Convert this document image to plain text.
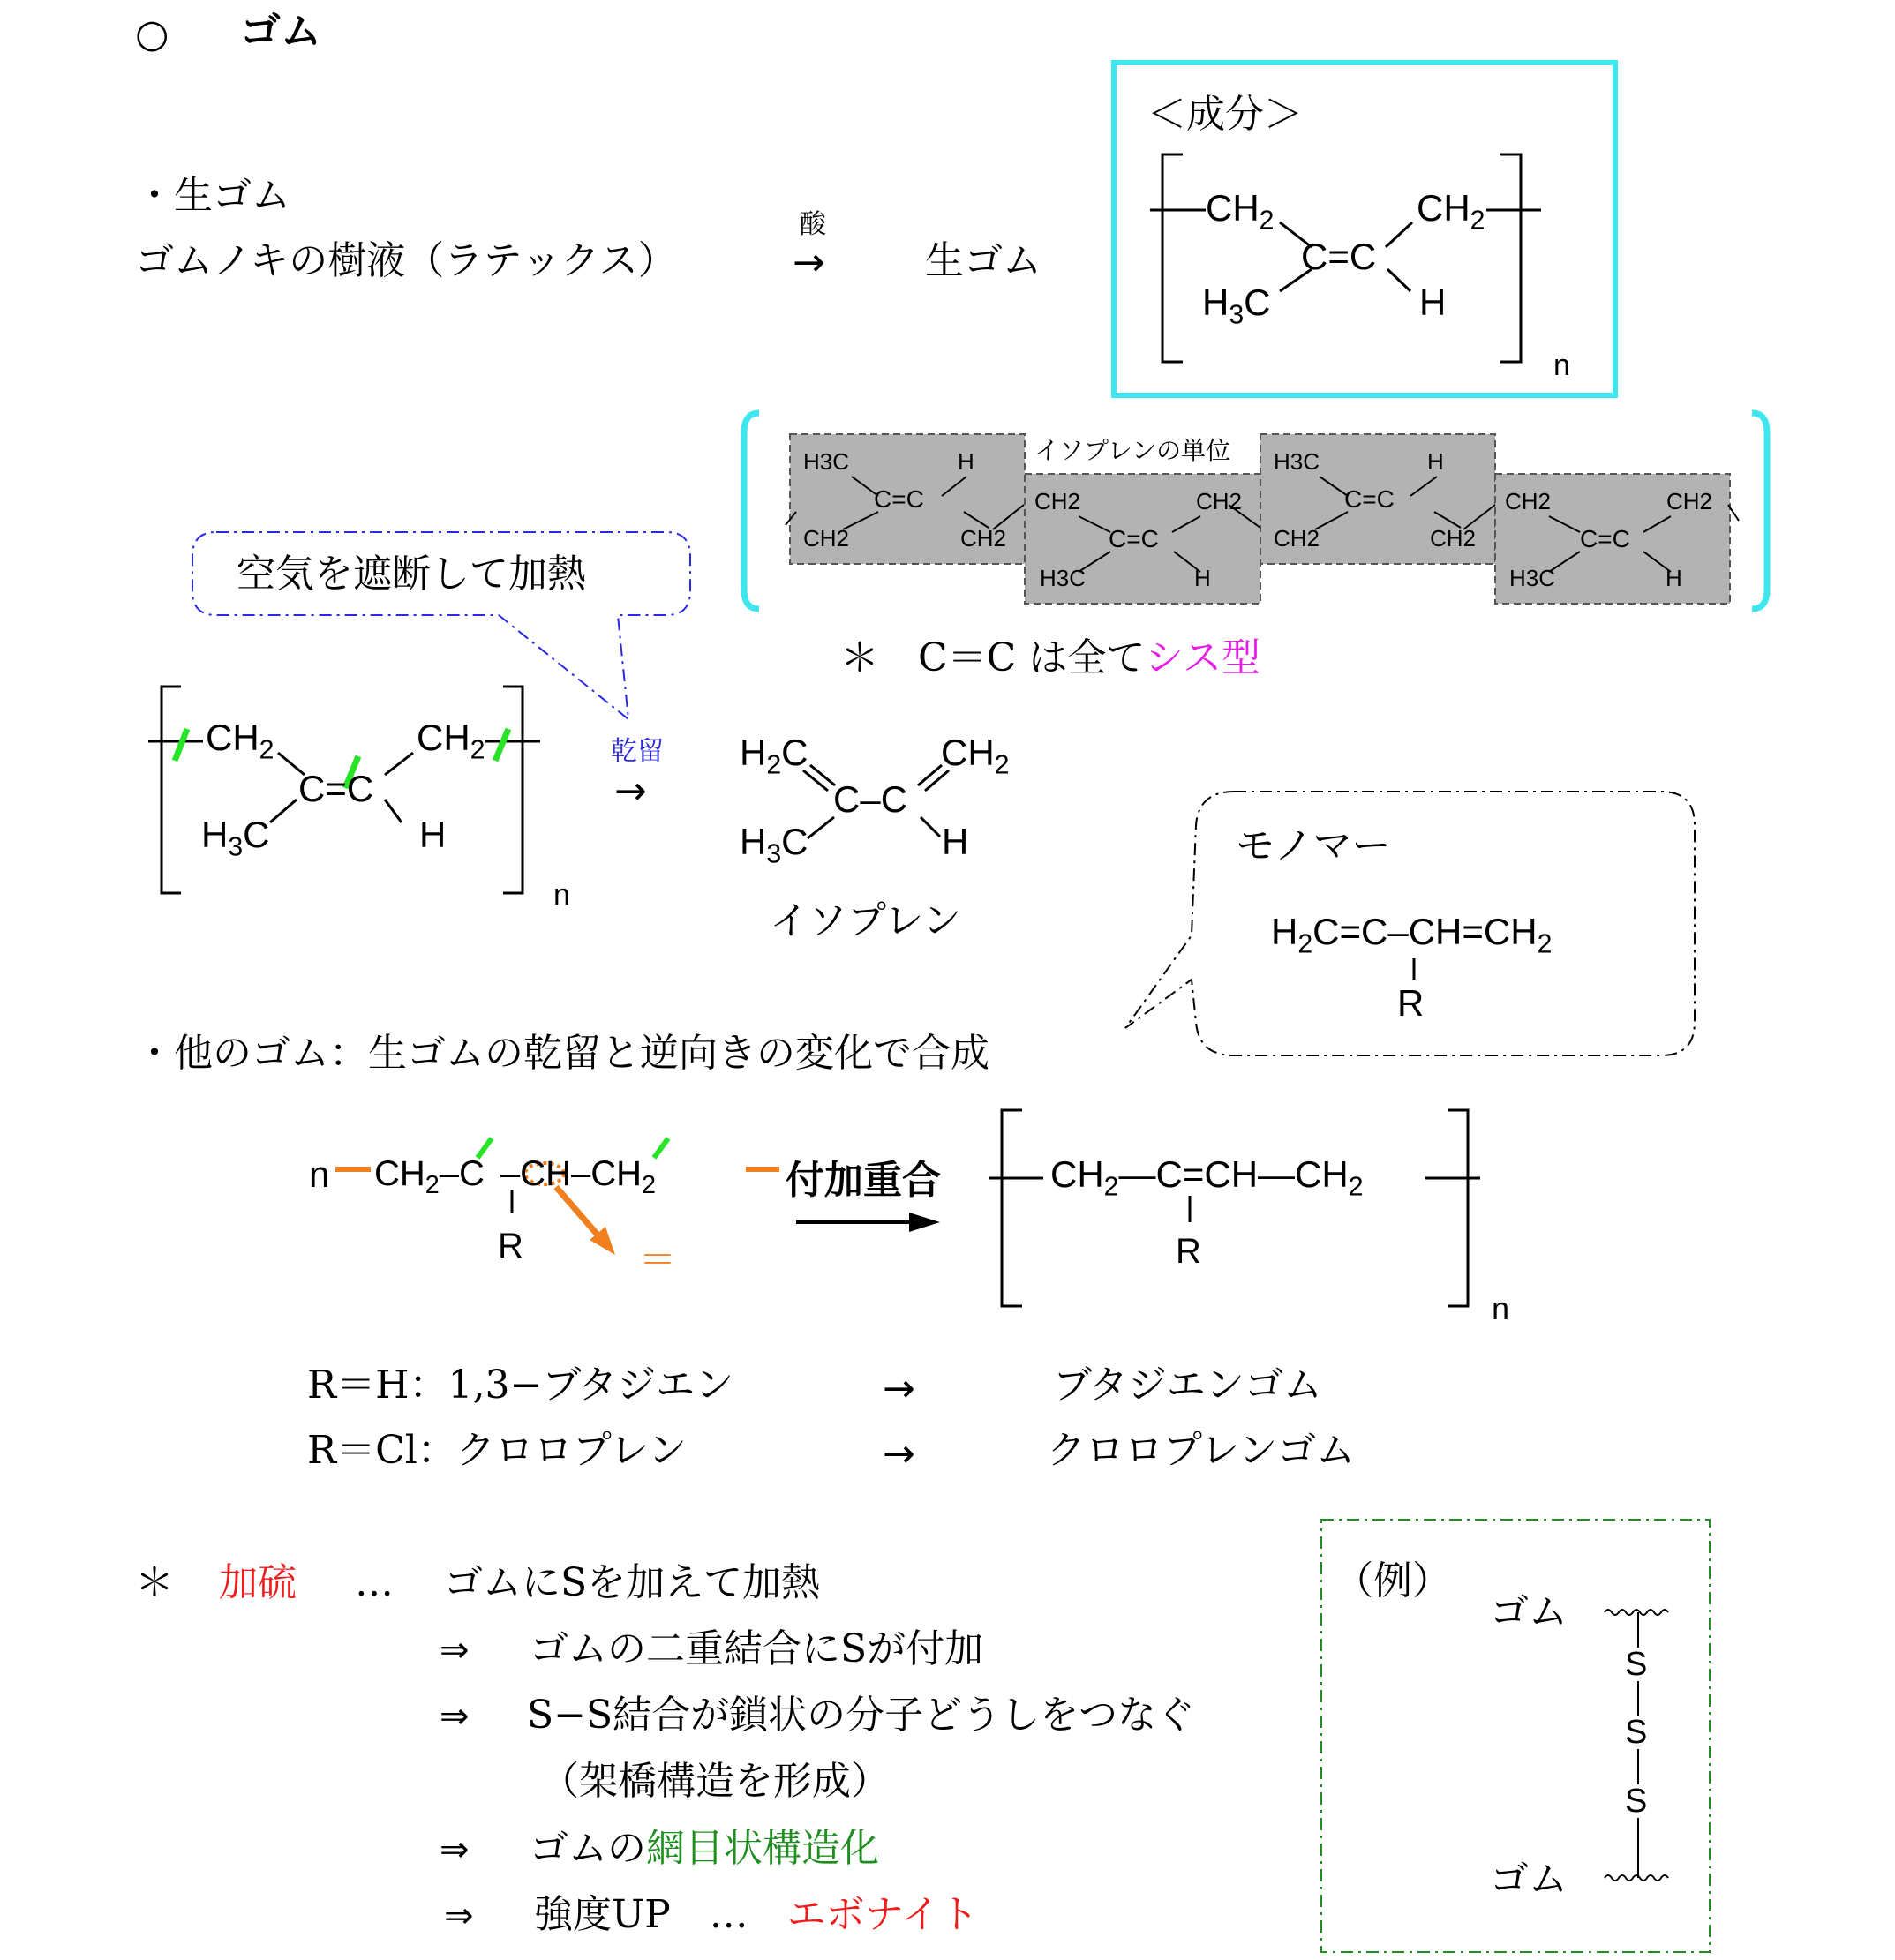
○ ゴム
＜成分＞
$CH_2$	$CH_2$
C=C
$H_3C$	H
n
・生ゴム
ゴムノキの樹液（ラテックス）
酸
→	生ゴム
イソプレンの単位
H3C	H
C=C
CH2	CH2
CH2	CH2
C=C
H3C	H
H3C	H
C=C
CH2	CH2
CH2	CH2
C=C
H3C	H
＊　C＝C は全てシス型
空気を遮断して加熱
$CH_2$	$CH_2$
C=C
$H_3C$	H
n
乾留
→
$H_2C$	$CH_2$
C–C
$H_3C$	H
イソプレン
モノマー
$H_2C=C-CH=CH_2$
R
・他のゴム：生ゴムの乾留と逆向きの変化で合成
n $CH_2-C$ $-CH-CH_2$
R	＝
付加重合	$CH_2—C=CH—CH_2$
R
n
R＝H：1,3−ブタジエン	→	ブタジエンゴム
R＝Cl：クロロプレン	→	クロロプレンゴム
＊ 加硫 … ゴムにSを加えて加熱
⇒ ゴムの二重結合にSが付加
⇒ S−S結合が鎖状の分子どうしをつなぐ
（架橋構造を形成）
⇒ ゴムの網目状構造化
⇒ 強度UP　…　 エボナイト
（例）
ゴム
ゴム
S
S
S
